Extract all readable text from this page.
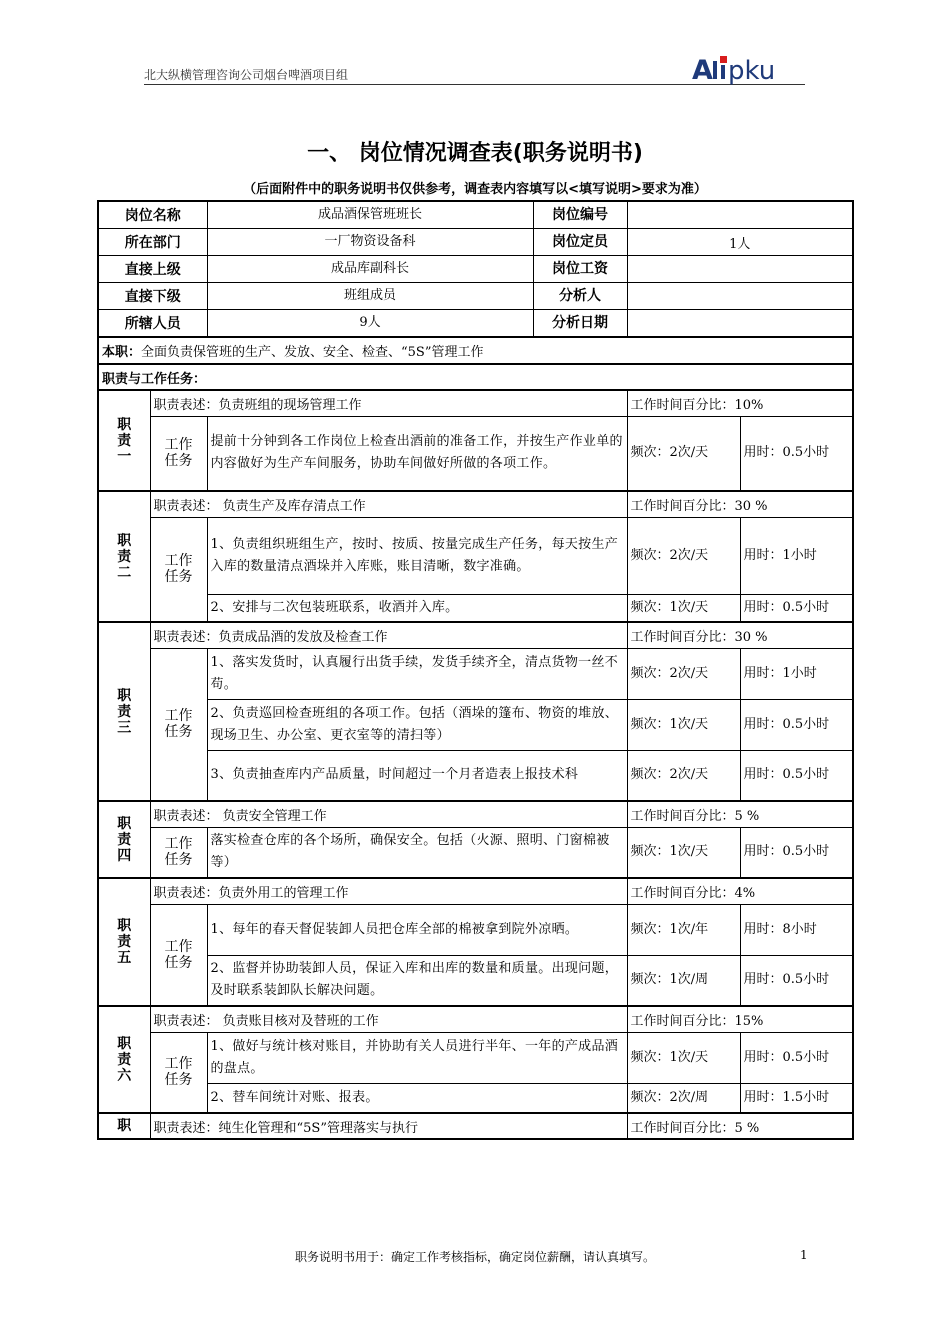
北大纵横管理咨询公司烟台啤酒项目组	A pku
一、 岗位情况调查表(职务说明书)
（后面附件中的职务说明书仅供参考，调查表内容填写以<填写说明>要求为准）
岗位名称		成品酒保管班班长 岗位编号		

所在部门		一厂物资设备科 岗位定员	1人	
直接上级		成品库副科长 岗位工资		

直接下级		班组成员 分析人		

所辖人员		9人 分析日期		

本职：全面负责保管班的生产、发放、安全、检查、“5S”管理工作				
职责与工作任务：				

职责一	职责表述：负责班组的现场管理工作		工作时间百分比：10%	

	工作任务	提前十分钟到各工作岗位上检查出酒前的准备工作，并按生产作业单的内容做好为生产车间服务，协助车间做好所做的各项工作。	频次：2次/天	用时：0.5小时

职责二	职责表述： 负责生产及库存清点工作		工作时间百分比：30 %	

	工作任务	1、负责组织班组生产，按时、按质、按量完成生产任务，每天按生产入库的数量清点酒垛并入库账，账目清晰，数字准确。	频次：2次/天	用时：1小时
		2、安排与二次包装班联系，收酒并入库。	频次：1次/天	用时：0.5小时

职责三	职责表述：负责成品酒的发放及检查工作		工作时间百分比：30 %	

	工作任务	1、落实发货时，认真履行出货手续，发货手续齐全，清点货物一丝不苟。	频次：2次/天	用时：1小时
		2、负责巡回检查班组的各项工作。包括（酒垛的篷布、物资的堆放、现场卫生、办公室、更衣室等的清扫等）	频次：1次/天	用时：0.5小时
		3、负责抽查库内产品质量，时间超过一个月者造表上报技术科	频次：2次/天	用时：0.5小时

职责四	职责表述： 负责安全管理工作		工作时间百分比：5 %	

	工作任务	落实检查仓库的各个场所，确保安全。包括（火源、照明、门窗棉被等）	频次：1次/天	用时：0.5小时

职责五	职责表述：负责外用工的管理工作		工作时间百分比：4%	

	工作任务	1、每年的春天督促装卸人员把仓库全部的棉被拿到院外凉晒。	频次：1次/年	用时：8小时
		2、监督并协助装卸人员，保证入库和出库的数量和质量。出现问题，及时联系装卸队长解决问题。	频次：1次/周	用时：0.5小时

职责六	职责表述： 负责账目核对及替班的工作		工作时间百分比：15%	

	工作任务	1、做好与统计核对账目，并协助有关人员进行半年、一年的产成品酒的盘点。	频次：1次/天	用时：0.5小时
		2、替车间统计对账、报表。	频次：2次/周	用时：1.5小时

职	职责表述：纯生化管理和“5S”管理落实与执行		工作时间百分比：5 %	
职务说明书用于：确定工作考核指标，确定岗位薪酬，请认真填写。	1
